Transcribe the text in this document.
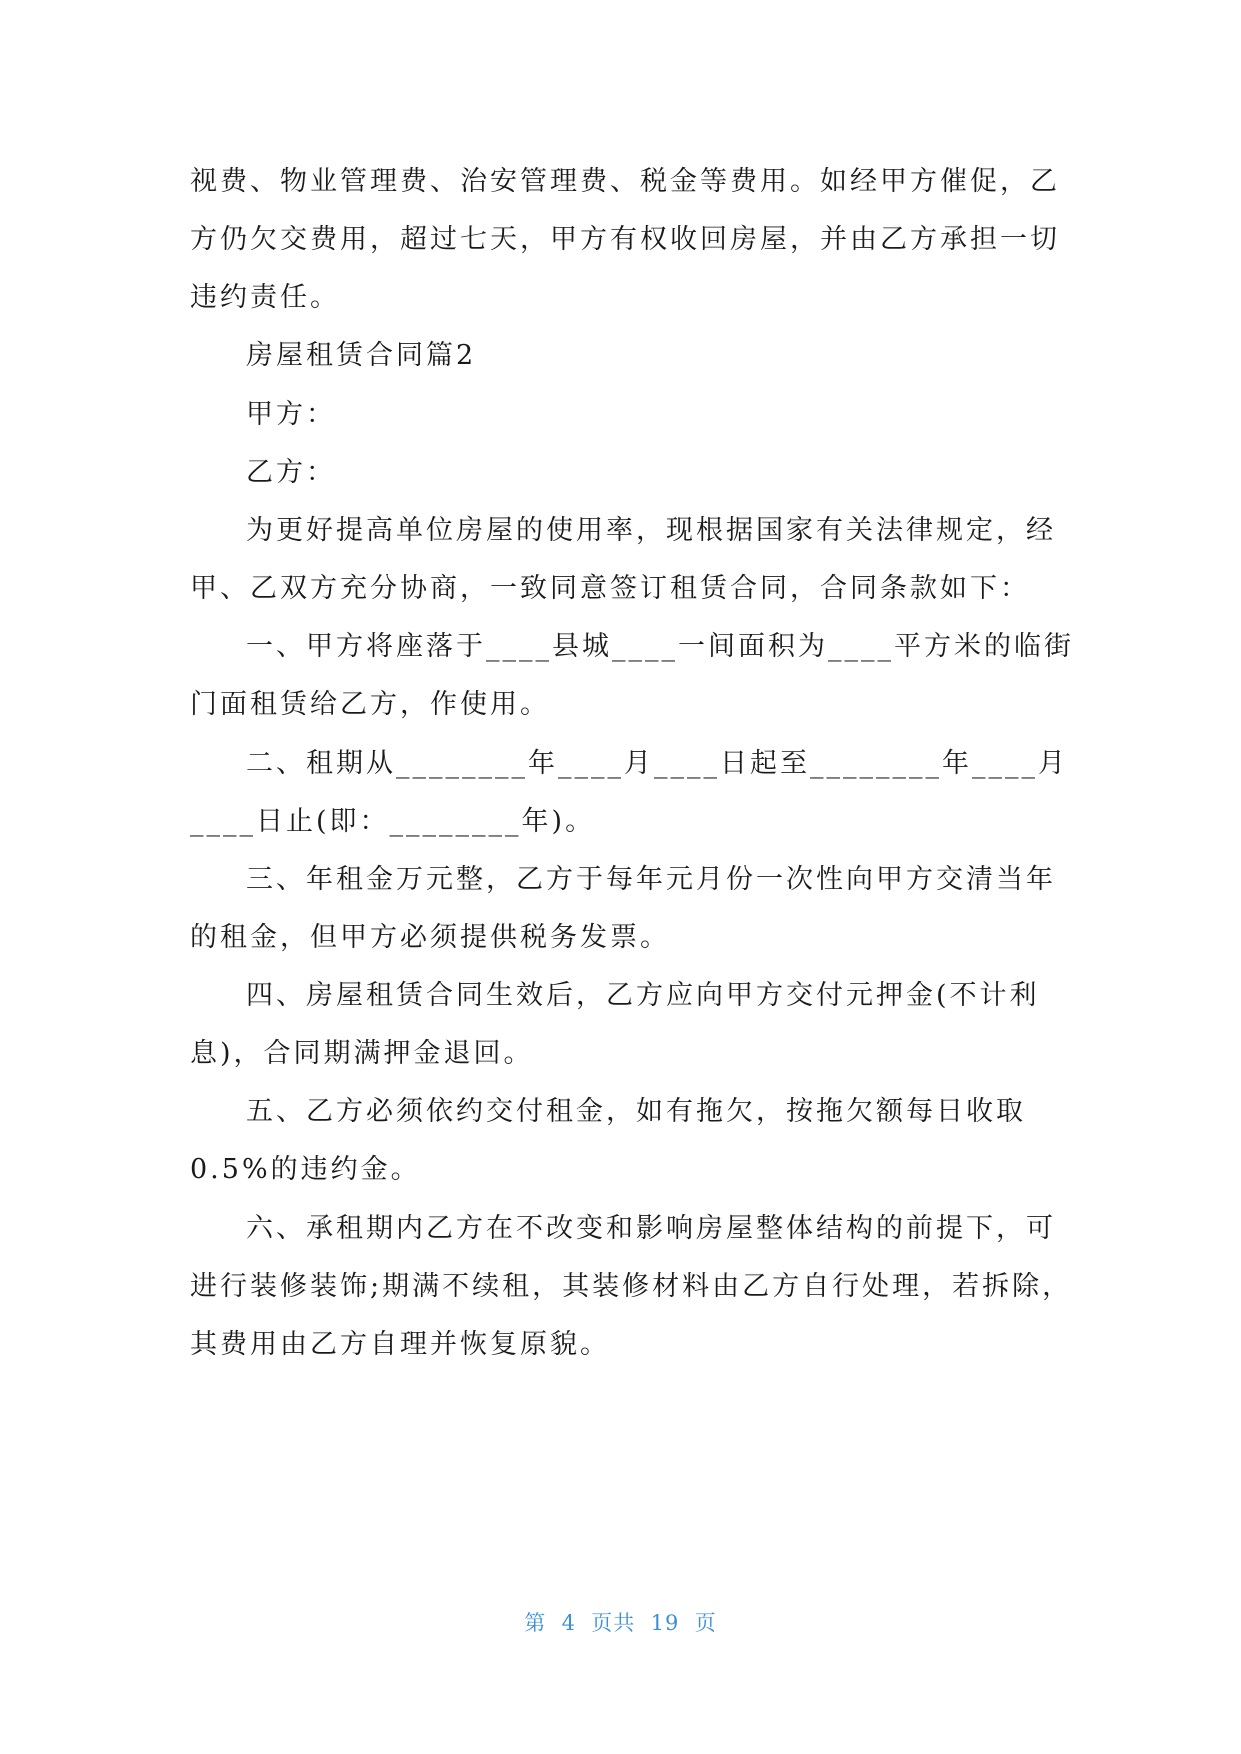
视费、物业管理费、治安管理费、税金等费用。如经甲方催促，乙
方仍欠交费用，超过七天，甲方有权收回房屋，并由乙方承担一切
违约责任。
房屋租赁合同篇2
甲方：
乙方：
为更好提高单位房屋的使用率，现根据国家有关法律规定，经
甲、乙双方充分协商，一致同意签订租赁合同，合同条款如下：
一、甲方将座落于____县城____一间面积为____平方米的临街
门面租赁给乙方，作使用。
二、租期从________年____月____日起至________年____月
____日止(即：________年)。
三、年租金万元整，乙方于每年元月份一次性向甲方交清当年
的租金，但甲方必须提供税务发票。
四、房屋租赁合同生效后，乙方应向甲方交付元押金(不计利
息)，合同期满押金退回。
五、乙方必须依约交付租金，如有拖欠，按拖欠额每日收取
0.5%的违约金。
六、承租期内乙方在不改变和影响房屋整体结构的前提下，可
进行装修装饰;期满不续租，其装修材料由乙方自行处理，若拆除，
其费用由乙方自理并恢复原貌。
第  4  页共  19  页
